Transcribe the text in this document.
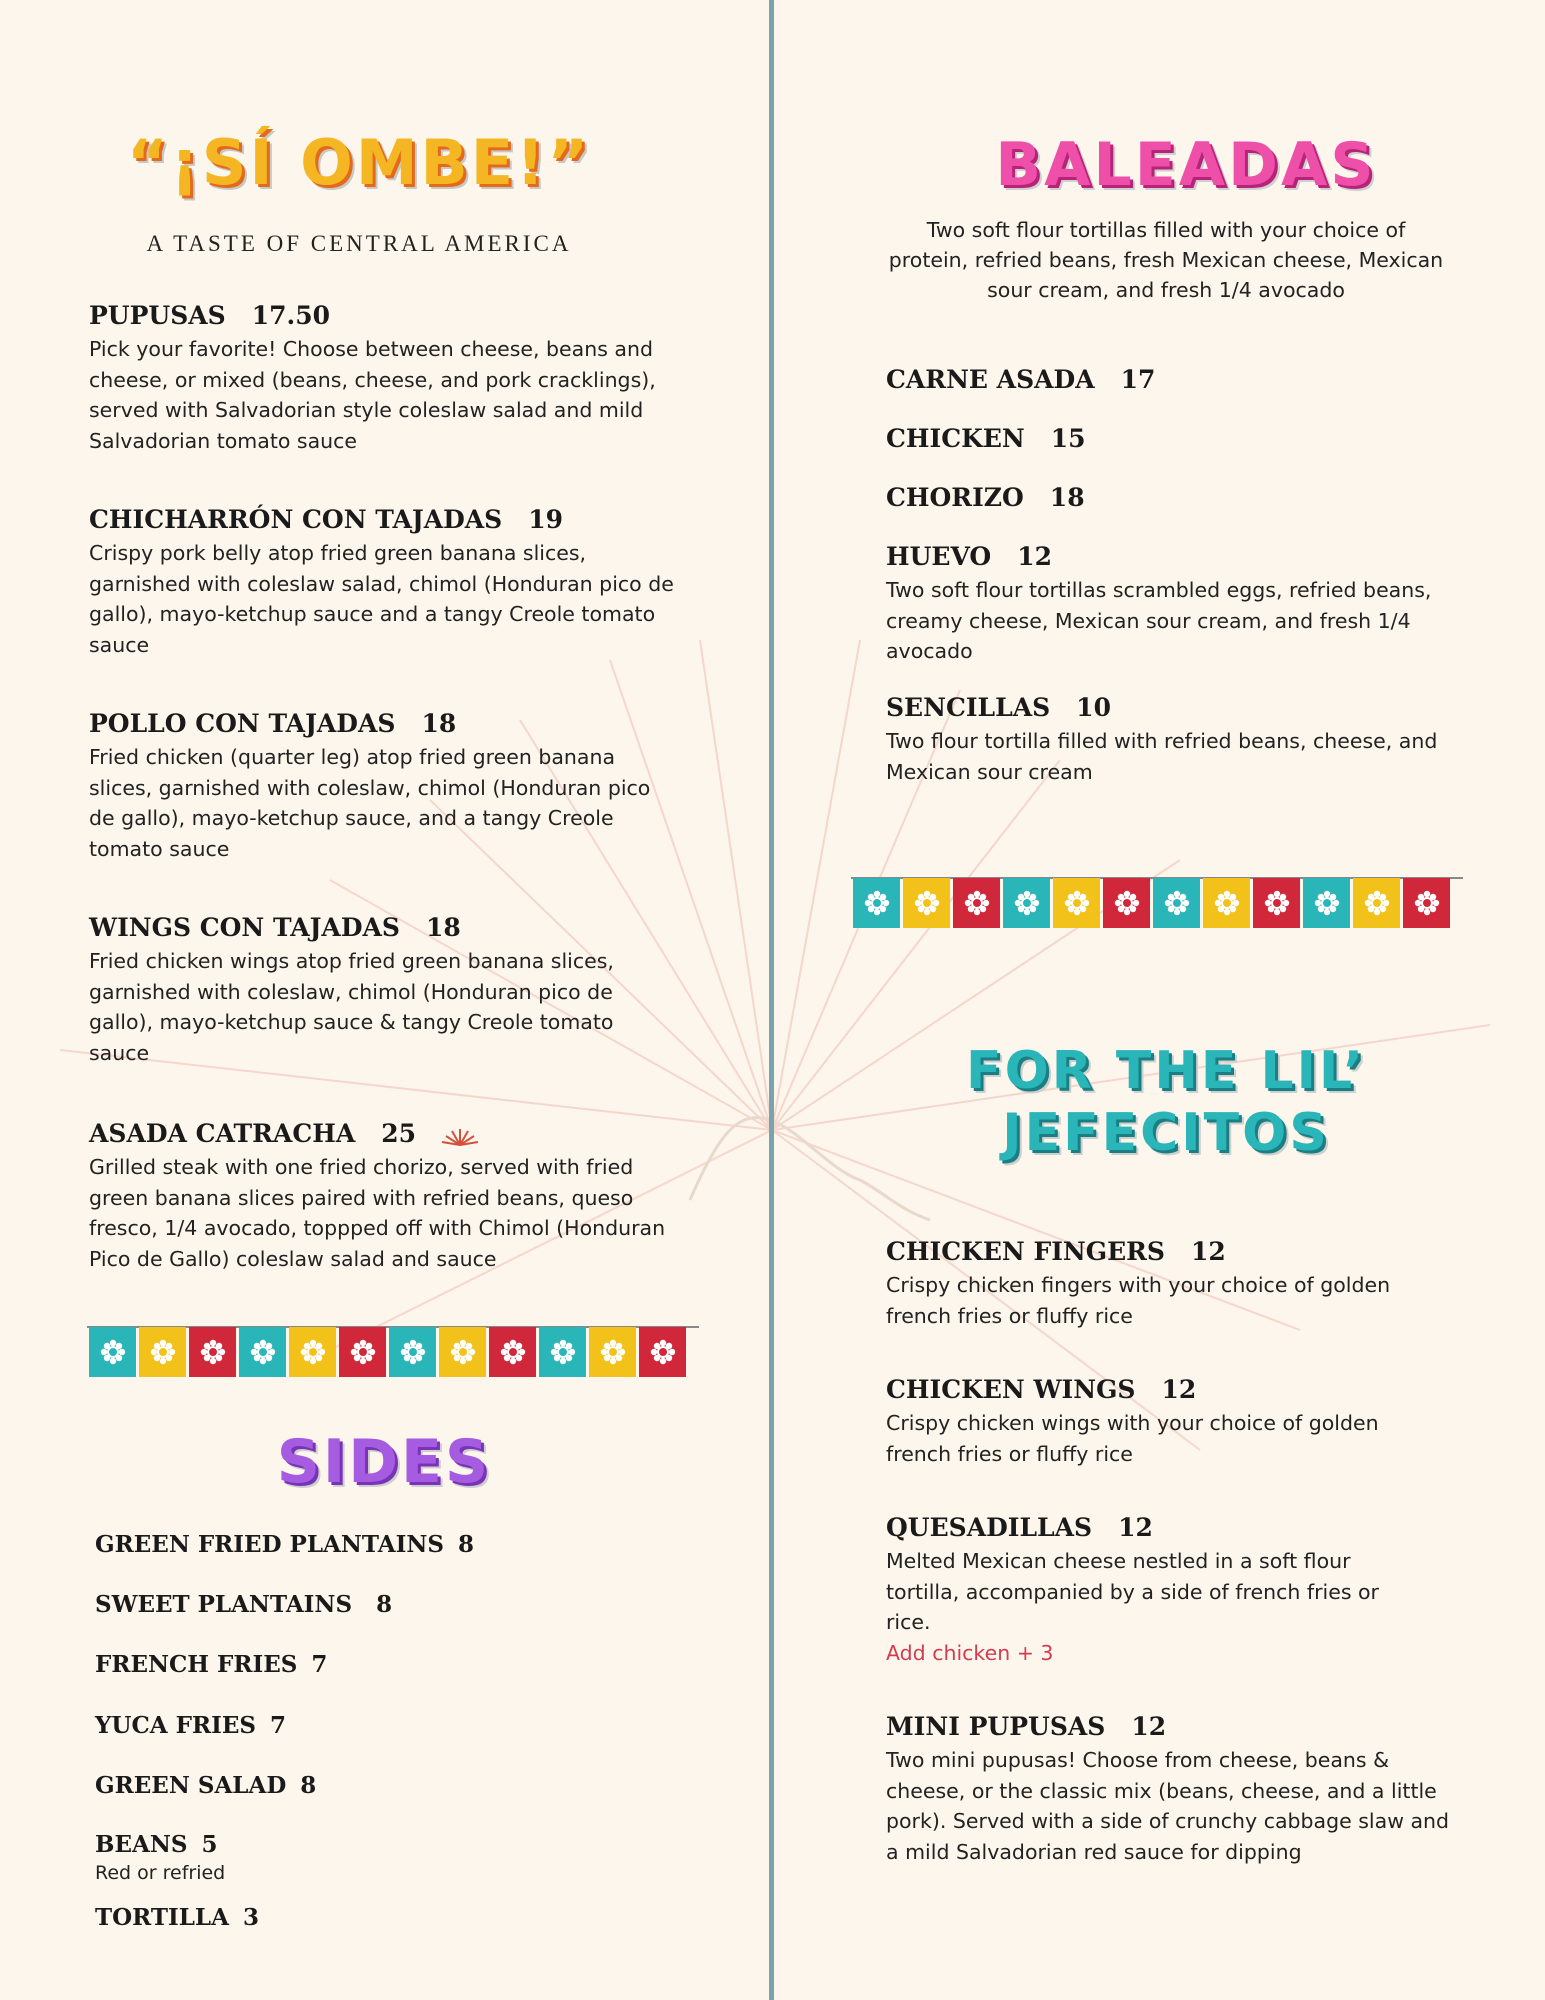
“¡SÍ OMBE!”
A TASTE OF CENTRAL AMERICA
PUPUSAS 17.50
Pick your favorite! Choose between cheese, beans and cheese, or mixed (beans, cheese, and pork cracklings), served with Salvadorian style coleslaw salad and mild Salvadorian tomato sauce
CHICHARRÓN CON TAJADAS 19
Crispy pork belly atop fried green banana slices, garnished with coleslaw salad, chimol (Honduran pico de gallo), mayo-ketchup sauce and a tangy Creole tomato sauce
POLLO CON TAJADAS 18
Fried chicken (quarter leg) atop fried green banana slices, garnished with coleslaw, chimol (Honduran pico de gallo), mayo-ketchup sauce, and a tangy Creole tomato sauce
WINGS CON TAJADAS 18
Fried chicken wings atop fried green banana slices, garnished with coleslaw, chimol (Honduran pico de gallo), mayo-ketchup sauce & tangy Creole tomato sauce
ASADA CATRACHA 25
Grilled steak with one fried chorizo, served with fried green banana slices paired with refried beans, queso fresco, 1/4 avocado, toppped off with Chimol (Honduran Pico de Gallo) coleslaw salad and sauce
SIDES
GREEN FRIED PLANTAINS 8
SWEET PLANTAINS 8
FRENCH FRIES 7
YUCA FRIES 7
GREEN SALAD 8
BEANS 5
Red or refried
TORTILLA 3
BALEADAS
Two soft flour tortillas filled with your choice of protein, refried beans, fresh Mexican cheese, Mexican sour cream, and fresh 1/4 avocado
CARNE ASADA 17
CHICKEN 15
CHORIZO 18
HUEVO 12
Two soft flour tortillas scrambled eggs, refried beans, creamy cheese, Mexican sour cream, and fresh 1/4 avocado
SENCILLAS 10
Two flour tortilla filled with refried beans, cheese, and Mexican sour cream
FOR THE LIL’
JEFECITOS
CHICKEN FINGERS 12
Crispy chicken fingers with your choice of golden french fries or fluffy rice
CHICKEN WINGS 12
Crispy chicken wings with your choice of golden french fries or fluffy rice
QUESADILLAS 12
Melted Mexican cheese nestled in a soft flour tortilla, accompanied by a side of french fries or rice.
Add chicken + 3
MINI PUPUSAS 12
Two mini pupusas! Choose from cheese, beans & cheese, or the classic mix (beans, cheese, and a little pork). Served with a side of crunchy cabbage slaw and a mild Salvadorian red sauce for dipping
